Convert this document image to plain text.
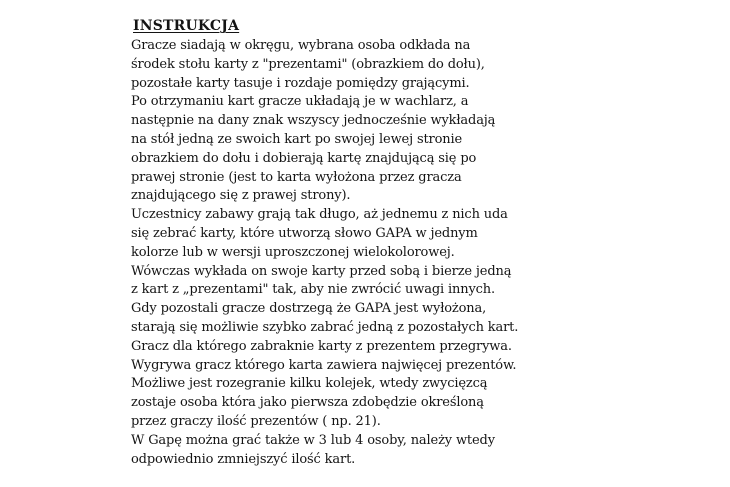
INSTRUKCJA
Gracze siadają w okręgu, wybrana osoba odkłada na
środek stołu karty z "prezentami" (obrazkiem do dołu),
pozostałe karty tasuje i rozdaje pomiędzy grającymi.
Po otrzymaniu kart gracze układają je w wachlarz, a
następnie na dany znak wszyscy jednocześnie wykładają
na stół jedną ze swoich kart po swojej lewej stronie
obrazkiem do dołu i dobierają kartę znajdującą się po
prawej stronie (jest to karta wyłożona przez gracza
znajdującego się z prawej strony).
Uczestnicy zabawy grają tak długo, aż jednemu z nich uda
się zebrać karty, które utworzą słowo GAPA w jednym
kolorze lub w wersji uproszczonej wielokolorowej.
Wówczas wykłada on swoje karty przed sobą i bierze jedną
z kart z „prezentami" tak, aby nie zwrócić uwagi innych.
Gdy pozostali gracze dostrzegą że GAPA jest wyłożona,
starają się możliwie szybko zabrać jedną z pozostałych kart.
Gracz dla którego zabraknie karty z prezentem przegrywa.
Wygrywa gracz którego karta zawiera najwięcej prezentów.
Możliwe jest rozegranie kilku kolejek, wtedy zwycięzcą
zostaje osoba która jako pierwsza zdobędzie określoną
przez graczy ilość prezentów ( np. 21).
W Gapę można grać także w 3 lub 4 osoby, należy wtedy
odpowiednio zmniejszyć ilość kart.
